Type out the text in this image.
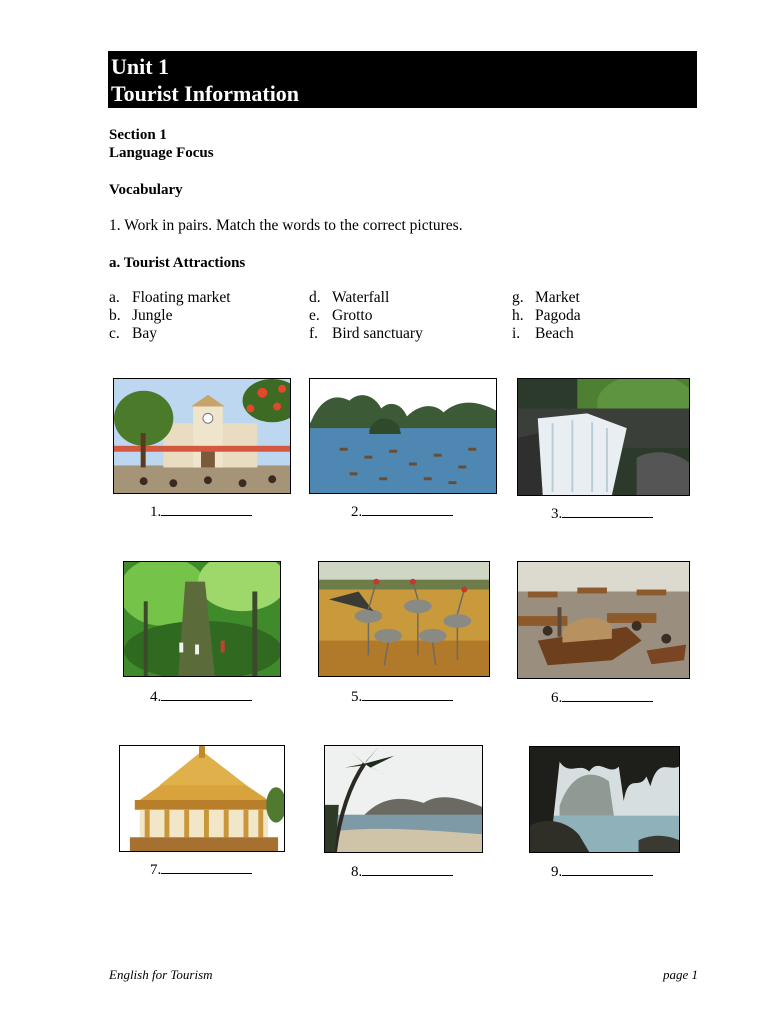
Unit 1
Tourist Information
Section 1
Language Focus
Vocabulary
1. Work in pairs. Match the words to the correct pictures.
a. Tourist Attractions
a. Floating market
b. Jungle
c. Bay
d. Waterfall
e. Grotto
f. Bird sanctuary
g. Market
h. Pagoda
i. Beach
1.	2.	3.
4.	5.	6.
7.	8.	9.
English for Tourism	page 1
